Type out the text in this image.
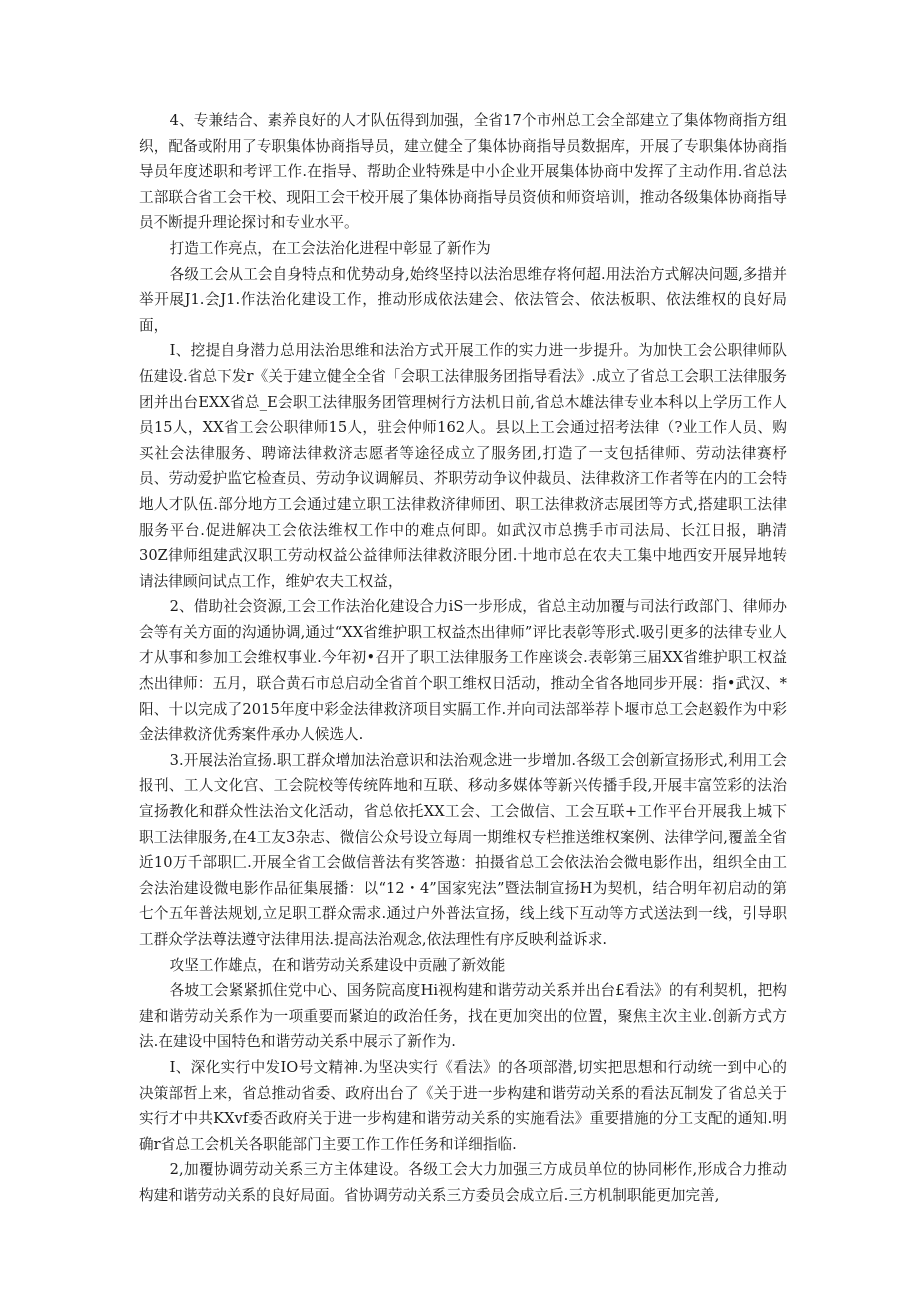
4、专兼结合、素养良好的人才队伍得到加强，全省17个市州总工会全部建立了集体物商指方组织，配备或附用了专职集体协商指导员，建立健全了集体协商指导员数据库，开展了专职集体协商指导员年度述职和考评工作.在指导、帮助企业特殊是中小企业开展集体协商中发挥了主动作用.省总法工部联合省工会干校、现阳工会干校开展了集体协商指导员资侦和师资培训，推动各级集体协商指导员不断提升理论探讨和专业水平。

打造工作亮点，在工会法治化进程中彰显了新作为

各级工会从工会自身特点和优势动身,始终坚持以法治思维存将何超.用法治方式解决问题,多措并举开展J1.会J1.作法治化建设工作，推动形成依法建会、依法管会、依法板职、依法维权的良好局面，

I、挖提自身潜力总用法治思维和法治方式开展工作的实力进一步提升。为加快工会公职律师队伍建设.省总下发r《关于建立健全全省「会职工法律服务团指导看法》.成立了省总工会职工法律服务团并出台EXX省总_E会职工法律服务团管理树行方法机日前,省总木雄法律专业本科以上学历工作人员15人，XX省工会公职律师15人，驻会仲师162人。县以上工会通过招考法律（?业工作人员、购买社会法律服务、聘谛法律救济志愿者等途径成立了服务团,打造了一支包括律师、劳动法律赛杼员、劳动爱护监它检查员、劳动争议调解员、芥职劳动争议仲裁员、法律救济工作者等在内的工会特地人才队伍.部分地方工会通过建立职工法律救济律师团、职工法律救济志展团等方式,搭建职工法律服务平台.促进解决工会依法维权工作中的难点何即。如武汉市总携手市司法局、长江日报，聃清30Z律师组建武汉职工劳动权益公益律师法律救济眼分团.十地市总在农夫工集中地西安开展异地转请法律顾问试点工作，维妒农夫工权益，

2、借助社会资源,工会工作法治化建设合力iS一步形成，省总主动加覆与司法行政部门、律师办会等有关方面的沟通协调,通过“XX省维护职工权益杰出律师”评比表彰等形式.吸引更多的法律专业人才从事和参加工会维权事业.今年初•召开了职工法律服务工作座谈会.表彰第三届XX省维护职工权益杰出律师：五月，联合黄石市总启动全省首个职工维权日活动，推动全省各地同步开展：指•武汉、*阳、十以完成了2015年度中彩金法律救济项目实膈工作.并向司法部举荐卜堰市总工会赵毅作为中彩金法律救济优秀案件承办人候选人.

3.开展法治宣扬.职工群众增加法治意识和法治观念进一步增加.各级工会创新宣扬形式,利用工会报刊、工人文化宫、工会院校等传统阵地和互联、移动多媒体等新兴传播手段,开展丰富笠彩的法治宣扬教化和群众性法治文化活动，省总依托XX工会、工会做信、工会互联+工作平台开展我上城下职工法律服务,在4工友3杂志、微信公众号设立每周一期维权专栏推送维权案例、法律学问,覆盖全省近10万千部职匚.开展全省工会做信普法有奖答遨：拍摄省总工会依法治会微电影作出，组织全由工会法治建设微电影作品征集展播：以“12・4”国家宪法”暨法制宣扬H为契机，结合明年初启动的第七个五年普法规划,立足职工群众需求.通过户外普法宣扬，线上线下互动等方式送法到一线，引导职工群众学法尊法遵守法律用法.提高法治观念,依法理性有序反映利益诉求.

攻坚工作雄点，在和谐劳动关系建设中贡融了新效能

各坡工会紧紧抓住党中心、国务院高度Hi视构建和谐劳动关系并出台£看法》的有利契机，把构建和谐劳动关系作为一项重要而紧迫的政治任务，找在更加突出的位置，聚焦主次主业.创新方式方法.在建设中国特色和谐劳动关系中展示了新作为.

I、深化实行中发IO号文精神.为坚决实行《看法》的各项部潜,切实把思想和行动统一到中心的决策部哲上来，省总推动省委、政府出台了《关于进一步构建和谐劳动关系的看法瓦制发了省总关于实行才中共KXvf委否政府关于进一步构建和谐劳动关系的实施看法》重要措施的分工支配的通知.明确r省总工会机关各职能部门主要工作工作任务和详细指临.

2,加覆协调劳动关系三方主体建设。各级工会大力加强三方成员单位的协同彬作,形成合力推动构建和谐劳动关系的良好局面。省协调劳动关系三方委员会成立后.三方机制职能更加完善,
